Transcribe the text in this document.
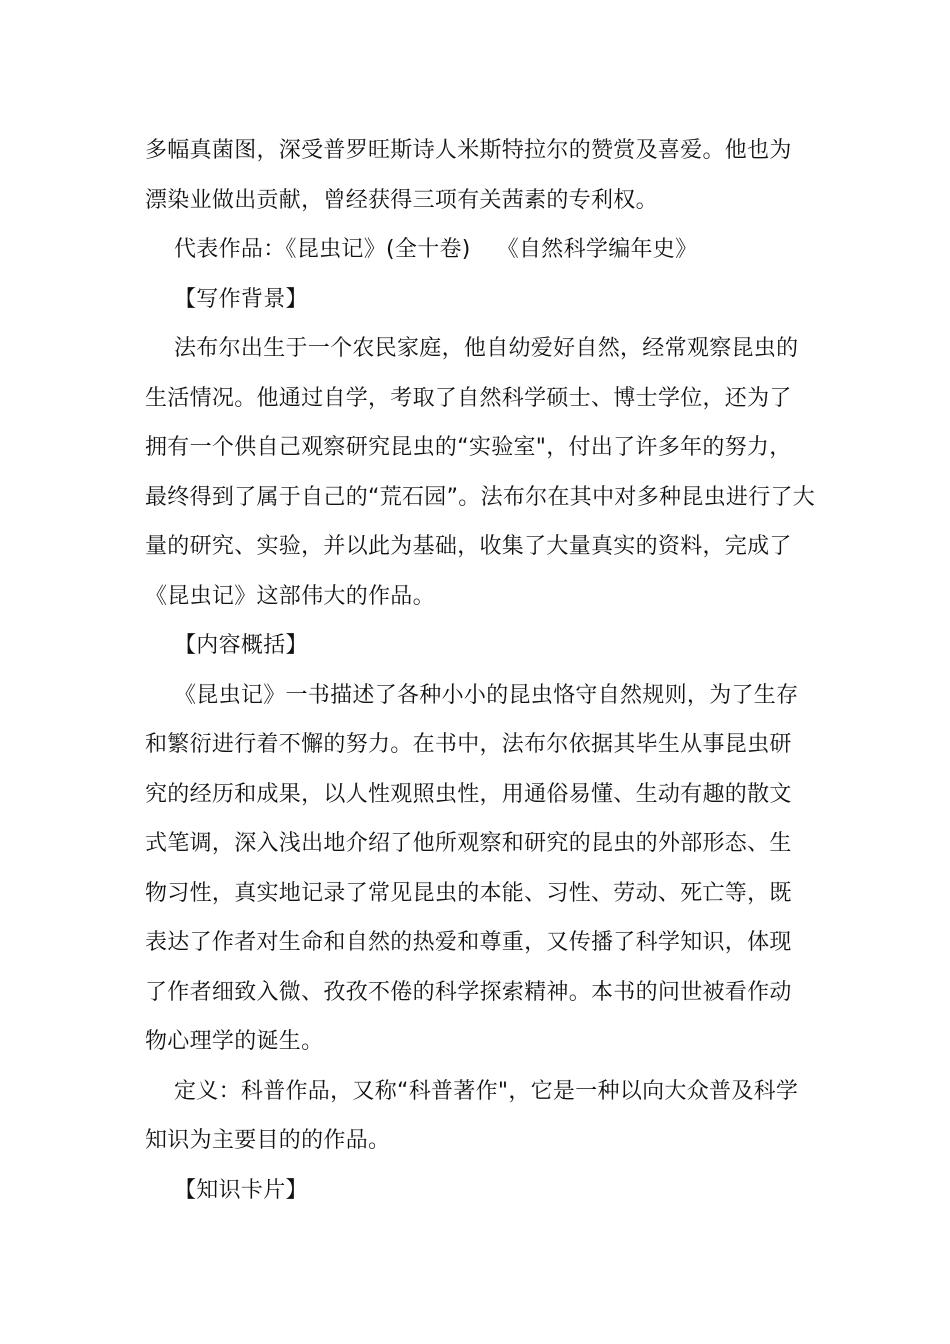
多幅真菌图，深受普罗旺斯诗人米斯特拉尔的赞赏及喜爱。他也为
漂染业做出贡献，曾经获得三项有关茜素的专利权。
代表作品：《昆虫记》(全十卷) 《自然科学编年史》
【写作背景】
法布尔出生于一个农民家庭，他自幼爱好自然，经常观察昆虫的
生活情况。他通过自学，考取了自然科学硕士、博士学位，还为了
拥有一个供自己观察研究昆虫的“实验室"，付出了许多年的努力，
最终得到了属于自己的“荒石园”。法布尔在其中对多种昆虫进行了大
量的研究、实验，并以此为基础，收集了大量真实的资料，完成了
《昆虫记》这部伟大的作品。
【内容概括】
《昆虫记》一书描述了各种小小的昆虫恪守自然规则，为了生存
和繁衍进行着不懈的努力。在书中，法布尔依据其毕生从事昆虫研
究的经历和成果，以人性观照虫性，用通俗易懂、生动有趣的散文
式笔调，深入浅出地介绍了他所观察和研究的昆虫的外部形态、生
物习性，真实地记录了常见昆虫的本能、习性、劳动、死亡等，既
表达了作者对生命和自然的热爱和尊重，又传播了科学知识，体现
了作者细致入微、孜孜不倦的科学探索精神。本书的问世被看作动
物心理学的诞生。
定义：科普作品，又称“科普著作"，它是一种以向大众普及科学
知识为主要目的的作品。
【知识卡片】
